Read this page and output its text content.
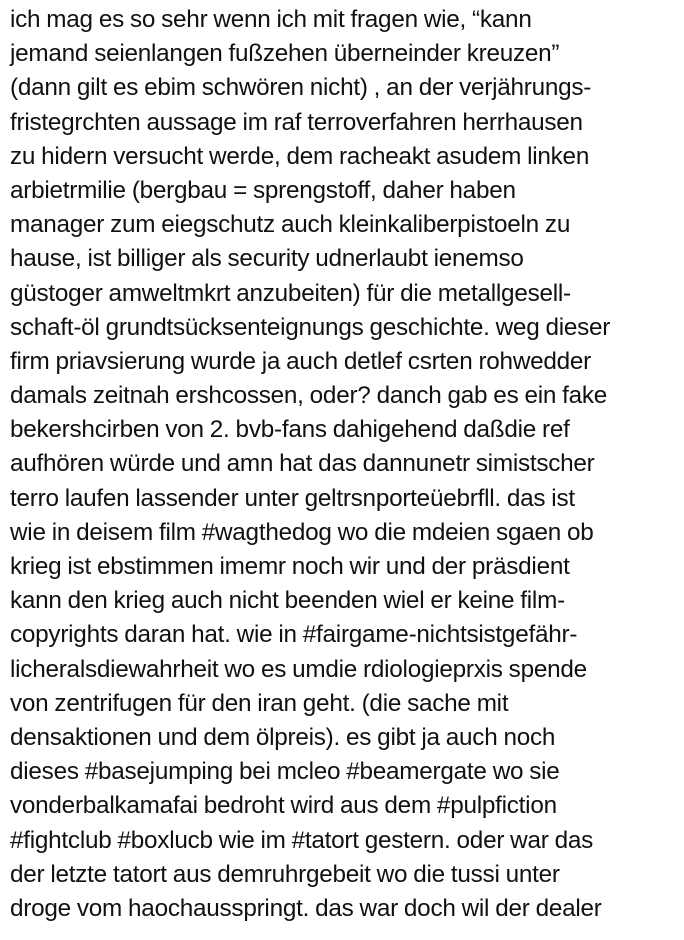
ich mag es so sehr wenn ich mit fragen wie, “kann
jemand seienlangen fußzehen überneinder kreuzen”
(dann gilt es ebim schwören nicht) , an der verjährungs-
fristegrchten aussage im raf terroverfahren herrhausen
zu hidern versucht werde, dem racheakt asudem linken
arbietrmilie (bergbau = sprengstoff, daher haben
manager zum eiegschutz auch kleinkaliberpistoeln zu
hause, ist billiger als security udnerlaubt ienemso
güstoger amweltmkrt anzubeiten) für die metallgesell-
schaft-öl grundtsücksenteignungs geschichte. weg dieser
firm priavsierung wurde ja auch detlef csrten rohwedder
damals zeitnah ershcossen, oder? danch gab es ein fake
bekershcirben von 2. bvb-fans dahigehend daßdie ref
aufhören würde und amn hat das dannunetr simistscher
terro laufen lassender unter geltrsnporteüebrfll. das ist
wie in deisem film #wagthedog wo die mdeien sgaen ob
krieg ist ebstimmen imemr noch wir und der präsdient
kann den krieg auch nicht beenden wiel er keine film-
copyrights daran hat. wie in #fairgame-nichtsistgefähr-
licheralsdiewahrheit wo es umdie rdiologieprxis spende
von zentrifugen für den iran geht. (die sache mit
densaktionen und dem ölpreis). es gibt ja auch noch
dieses #basejumping bei mcleo #beamergate wo sie
vonderbalkamafai bedroht wird aus dem #pulpfiction
#fightclub #boxlucb wie im #tatort gestern. oder war das
der letzte tatort aus demruhrgebeit wo die tussi unter
droge vom haochausspringt. das war doch wil der dealer
